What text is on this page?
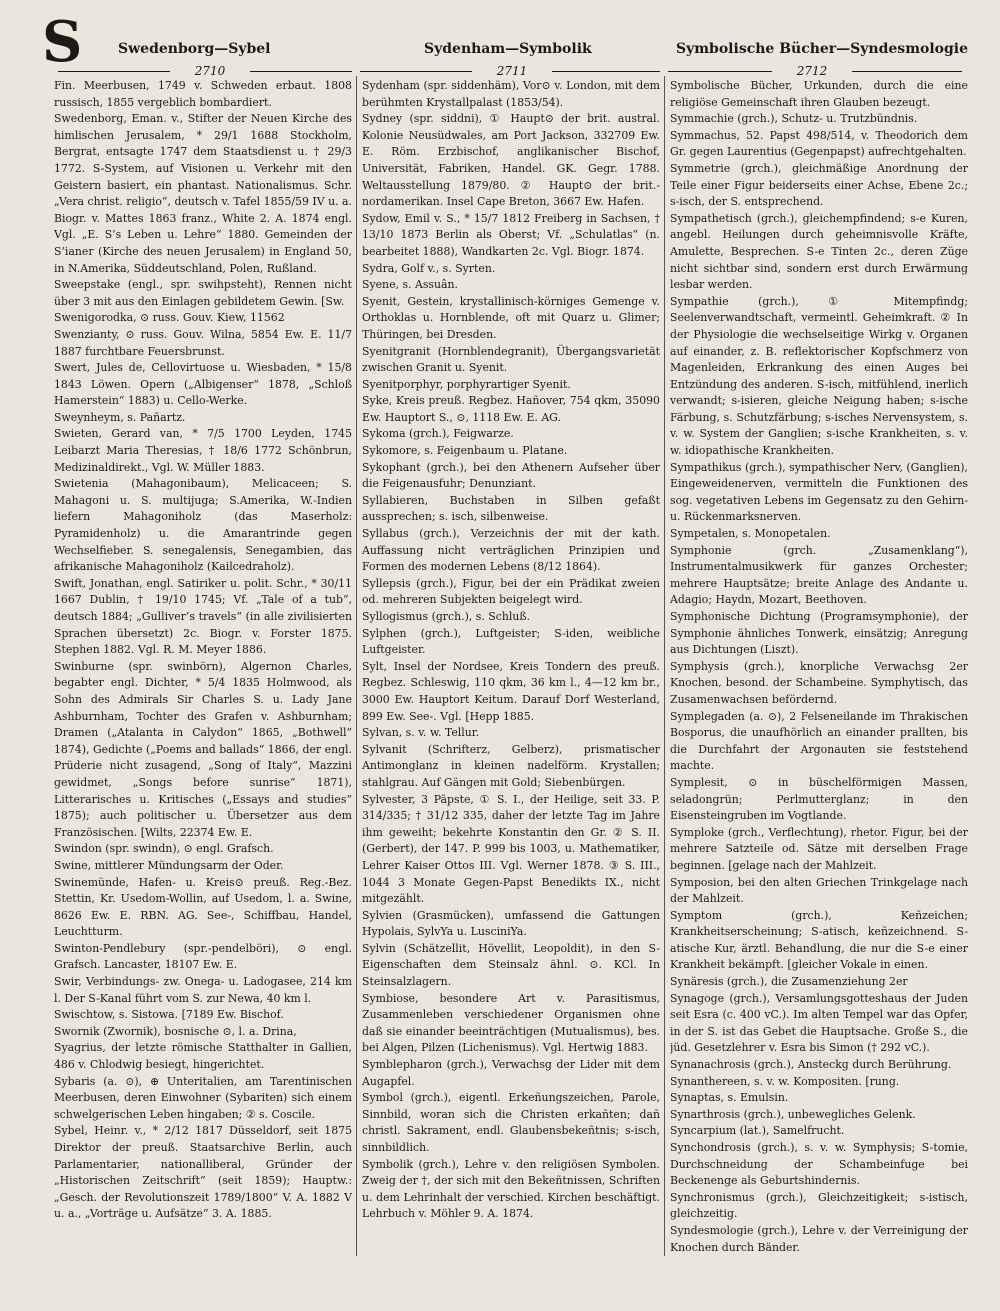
S	Swedenborg—Sybel	Sydenham—Symbolik	Symbolische Bücher—Syndesmologie
2710	2711	2712

Fin. Meerbusen, 1749 v. Schweden erbaut. 1808 russisch, 1855 vergeblich bombardiert.

Swedenborg, Eman. v., Stifter der Neuen Kirche des himlischen Jerusalem, * 29/1 1688 Stockholm, Bergrat, entsagte 1747 dem Staatsdienst u. † 29/3 1772. S-System, auf Visionen u. Verkehr mit den Geistern basiert, ein phantast. Nationalismus. Schr. „Vera christ. religio“, deutsch v. Tafel 1855/59 IV u. a. Biogr. v. Mattes 1863 franz., White 2. A. 1874 engl. Vgl. „E. S’s Leben u. Lehre“ 1880. Gemeinden der S’ianer (Kirche des neuen Jerusalem) in England 50, in N.Amerika, Süddeutschland, Polen, Rußland.

Sweepstake (engl., spr. swihpsteht), Rennen nicht über 3 mit aus den Einlagen gebildetem Gewin. [Sw.

Swenigorodka, ⊙ russ. Gouv. Kiew, 11562

Swenzianty, ⊙ russ. Gouv. Wilna, 5854 Ew. E. 11/7 1887 furchtbare Feuersbrunst.

Swert, Jules de, Cellovirtuose u. Wiesbaden, * 15/8 1843 Löwen. Opern („Albigenser“ 1878, „Schloß Hamerstein“ 1883) u. Cello-Werke.

Sweynheym, s. Pañartz.

Swieten, Gerard van, * 7/5 1700 Leyden, 1745 Leibarzt Maria Theresias, † 18/6 1772 Schönbrun, Medizinaldirekt., Vgl. W. Müller 1883.

Swietenia (Mahagonibaum), Melicaceen; S. Mahagoni u. S. multijuga; S.Amerika, W.-Indien liefern Mahagoniholz (das Maserholz: Pyramidenholz) u. die Amarantrinde gegen Wechselfieber. S. senegalensis, Senegambien, das afrikanische Mahagoniholz (Kailcedraholz).

Swift, Jonathan, engl. Satiriker u. polit. Schr., * 30/11 1667 Dublin, † 19/10 1745; Vf. „Tale of a tub“, deutsch 1884; „Gulliver’s travels“ (in alle zivilisierten Sprachen übersetzt) 2c. Biogr. v. Forster 1875. Stephen 1882. Vgl. R. M. Meyer 1886.

Swinburne (spr. swinbörn), Algernon Charles, begabter engl. Dichter, * 5/4 1835 Holmwood, als Sohn des Admirals Sir Charles S. u. Lady Jane Ashburnham, Tochter des Grafen v. Ashburnham; Dramen („Atalanta in Calydon“ 1865, „Bothwell“ 1874), Gedichte („Poems and ballads“ 1866, der engl. Prüderie nicht zusagend, „Song of Italy“, Mazzini gewidmet, „Songs before sunrise“ 1871), Litterarisches u. Kritisches („Essays and studies“ 1875); auch politischer u. Übersetzer aus dem Französischen. [Wilts, 22374 Ew. E.

Swindon (spr. swindn), ⊙ engl. Grafsch.

Swine, mittlerer Mündungsarm der Oder.

Swinemünde, Hafen- u. Kreis⊙ preuß. Reg.-Bez. Stettin, Kr. Usedom-Wollin, auf Usedom, l. a. Swine, 8626 Ew. E. RBN. AG. See-, Schiffbau, Handel, Leuchtturm.

Swinton-Pendlebury (spr.-pendelböri), ⊙ engl. Grafsch. Lancaster, 18107 Ew. E.

Swir, Verbindungs- zw. Onega- u. Ladogasee, 214 km l. Der S-Kanal führt vom S. zur Newa, 40 km l.

Swischtow, s. Sistowa. [7189 Ew. Bischof.

Swornik (Zwornik), bosnische ⊙, l. a. Drina,

Syagrius, der letzte römische Statthalter in Gallien, 486 v. Chlodwig besiegt, hingerichtet.

Sybaris (a. ⊙), ⊕ Unteritalien, am Tarentinischen Meerbusen, deren Einwohner (Sybariten) sich einem schwelgerischen Leben hingaben; ② s. Coscile.

Sybel, Heinr. v., * 2/12 1817 Düsseldorf, seit 1875 Direktor der preuß. Staatsarchive Berlin, auch Parlamentarier, nationalliberal, Gründer der „Historischen Zeitschrift“ (seit 1859); Hauptw.: „Gesch. der Revolutionszeit 1789/1800“ V. A. 1882 V u. a., „Vorträge u. Aufsätze“ 3. A. 1885.

Sydenham (spr. siddenhäm), Vor⊙ v. London, mit dem berühmten Krystallpalast (1853/54).

Sydney (spr. siddni), ① Haupt⊙ der brit. austral. Kolonie Neusüdwales, am Port Jackson, 332709 Ew. E. Röm. Erzbischof, anglikanischer Bischof, Universität, Fabriken, Handel. GK. Gegr. 1788. Weltausstellung 1879/80. ② Haupt⊙ der brit.-nordamerikan. Insel Cape Breton, 3667 Ew. Hafen.

Sydow, Emil v. S., * 15/7 1812 Freiberg in Sachsen, † 13/10 1873 Berlin als Oberst; Vf. „Schulatlas“ (n. bearbeitet 1888), Wandkarten 2c. Vgl. Biogr. 1874.

Sydra, Golf v., s. Syrten.

Syene, s. Assuân.

Syenit, Gestein, krystallinisch-körniges Gemenge v. Orthoklas u. Hornblende, oft mit Quarz u. Glimer; Thüringen, bei Dresden.

Syenitgranit (Hornblendegranit), Übergangsvarietät zwischen Granit u. Syenit.

Syenitporphyr, porphyrartiger Syenit.

Syke, Kreis preuß. Regbez. Hañover, 754 qkm, 35090 Ew. Hauptort S., ⊙, 1118 Ew. E. AG.

Sykoma (grch.), Feigwarze.

Sykomore, s. Feigenbaum u. Platane.

Sykophant (grch.), bei den Athenern Aufseher über die Feigenausfuhr; Denunziant.

Syllabieren, Buchstaben in Silben gefaßt aussprechen; s. isch, silbenweise.

Syllabus (grch.), Verzeichnis der mit der kath. Auffassung nicht verträglichen Prinzipien und Formen des modernen Lebens (8/12 1864).

Syllepsis (grch.), Figur, bei der ein Prädikat zweien od. mehreren Subjekten beigelegt wird.

Syllogismus (grch.), s. Schluß.

Sylphen (grch.), Luftgeister; S-iden, weibliche Luftgeister.

Sylt, Insel der Nordsee, Kreis Tondern des preuß. Regbez. Schleswig, 110 qkm, 36 km l., 4—12 km br., 3000 Ew. Hauptort Keitum. Darauf Dorf Westerland, 899 Ew. See-. Vgl. [Hepp 1885.

Sylvan, s. v. w. Tellur.

Sylvanit (Schrifterz, Gelberz), prismatischer Antimonglanz in kleinen nadelförm. Krystallen; stahlgrau. Auf Gängen mit Gold; Siebenbürgen.

Sylvester, 3 Päpste, ① S. I., der Heilige, seit 33. P. 314/335; † 31/12 335, daher der letzte Tag im Jahre ihm geweiht; bekehrte Konstantin den Gr. ② S. II. (Gerbert), der 147. P. 999 bis 1003, u. Mathematiker, Lehrer Kaiser Ottos III. Vgl. Werner 1878. ③ S. III., 1044 3 Monate Gegen-Papst Benedikts IX., nicht mitgezählt.

Sylvien (Grasmücken), umfassend die Gattungen Hypolais, SylvYa u. LusciniYa.

Sylvin (Schätzellit, Hövellit, Leopoldit), in den S-Eigenschaften dem Steinsalz ähnl. ⊙. KCl. In Steinsalzlagern.

Symbiose, besondere Art v. Parasitismus, Zusammenleben verschiedener Organismen ohne daß sie einander beeinträchtigen (Mutualismus), bes. bei Algen, Pilzen (Lichenismus). Vgl. Hertwig 1883.

Symblepharon (grch.), Verwachsg der Lider mit dem Augapfel.

Symbol (grch.), eigentl. Erkeñungszeichen, Parole, Sinnbild, woran sich die Christen erkañten; dañ christl. Sakrament, endl. Glaubensbekeñtnis; s-isch, sinnbildlich.

Symbolik (grch.), Lehre v. den religiösen Symbolen. Zweig der †, der sich mit den Bekeñtnissen, Schriften u. dem Lehrinhalt der verschied. Kirchen beschäftigt. Lehrbuch v. Möhler 9. A. 1874.

Symbolische Bücher, Urkunden, durch die eine religiöse Gemeinschaft ihren Glauben bezeugt.

Symmachie (grch.), Schutz- u. Trutzbündnis.

Symmachus, 52. Papst 498/514, v. Theodorich dem Gr. gegen Laurentius (Gegenpapst) aufrechtgehalten.

Symmetrie (grch.), gleichmäßige Anordnung der Teile einer Figur beiderseits einer Achse, Ebene 2c.; s-isch, der S. entsprechend.

Sympathetisch (grch.), gleichempfindend; s-e Kuren, angebl. Heilungen durch geheimnisvolle Kräfte, Amulette, Besprechen. S-e Tinten 2c., deren Züge nicht sichtbar sind, sondern erst durch Erwärmung lesbar werden.

Sympathie (grch.), ① Mitempfindg; Seelenverwandtschaft, vermeintl. Geheimkraft. ② In der Physiologie die wechselseitige Wirkg v. Organen auf einander, z. B. reflektorischer Kopfschmerz von Magenleiden, Erkrankung des einen Auges bei Entzündung des anderen. S-isch, mitfühlend, inerlich verwandt; s-isieren, gleiche Neigung haben; s-ische Färbung, s. Schutzfärbung; s-isches Nervensystem, s. v. w. System der Ganglien; s-ische Krankheiten, s. v. w. idiopathische Krankheiten.

Sympathikus (grch.), sympathischer Nerv, (Ganglien), Eingeweidenerven, vermitteln die Funktionen des sog. vegetativen Lebens im Gegensatz zu den Gehirn- u. Rückenmarksnerven.

Sympetalen, s. Monopetalen.

Symphonie (grch. „Zusamenklang“), Instrumentalmusikwerk für ganzes Orchester; mehrere Hauptsätze; breite Anlage des Andante u. Adagio; Haydn, Mozart, Beethoven.

Symphonische Dichtung (Programsymphonie), der Symphonie ähnliches Tonwerk, einsätzig; Anregung aus Dichtungen (Liszt).

Symphysis (grch.), knorpliche Verwachsg 2er Knochen, besond. der Schambeine. Symphytisch, das Zusamenwachsen befördernd.

Symplegaden (a. ⊙), 2 Felseneilande im Thrakischen Bosporus, die unaufhörlich an einander prallten, bis die Durchfahrt der Argonauten sie feststehend machte.

Symplesit, ⊙ in büschelförmigen Massen, seladongrün; Perlmutterglanz; in den Eisensteingruben im Vogtlande.

Symploke (grch., Verflechtung), rhetor. Figur, bei der mehrere Satzteile od. Sätze mit derselben Frage beginnen. [gelage nach der Mahlzeit.

Symposion, bei den alten Griechen Trinkgelage nach der Mahlzeit.

Symptom (grch.), Keñzeichen; Krankheitserscheinung; S-atisch, keñzeichnend. S-atische Kur, ärztl. Behandlung, die nur die S-e einer Krankheit bekämpft. [gleicher Vokale in einen.

Synäresis (grch.), die Zusamenziehung 2er

Synagoge (grch.), Versamlungsgotteshaus der Juden seit Esra (c. 400 vC.). Im alten Tempel war das Opfer, in der S. ist das Gebet die Hauptsache. Große S., die jüd. Gesetzlehrer v. Esra bis Simon († 292 vC.).

Synanachrosis (grch.), Ansteckg durch Berührung.

Synanthereen, s. v. w. Kompositen. [rung.

Synaptas, s. Emulsin.

Synarthrosis (grch.), unbewegliches Gelenk.

Syncarpium (lat.), Samelfrucht.

Synchondrosis (grch.), s. v. w. Symphysis; S-tomie, Durchschneidung der Schambeinfuge bei Beckenenge als Geburtshindernis.

Synchronismus (grch.), Gleichzeitigkeit; s-istisch, gleichzeitig.

Syndesmologie (grch.), Lehre v. der Verreinigung der Knochen durch Bänder.
